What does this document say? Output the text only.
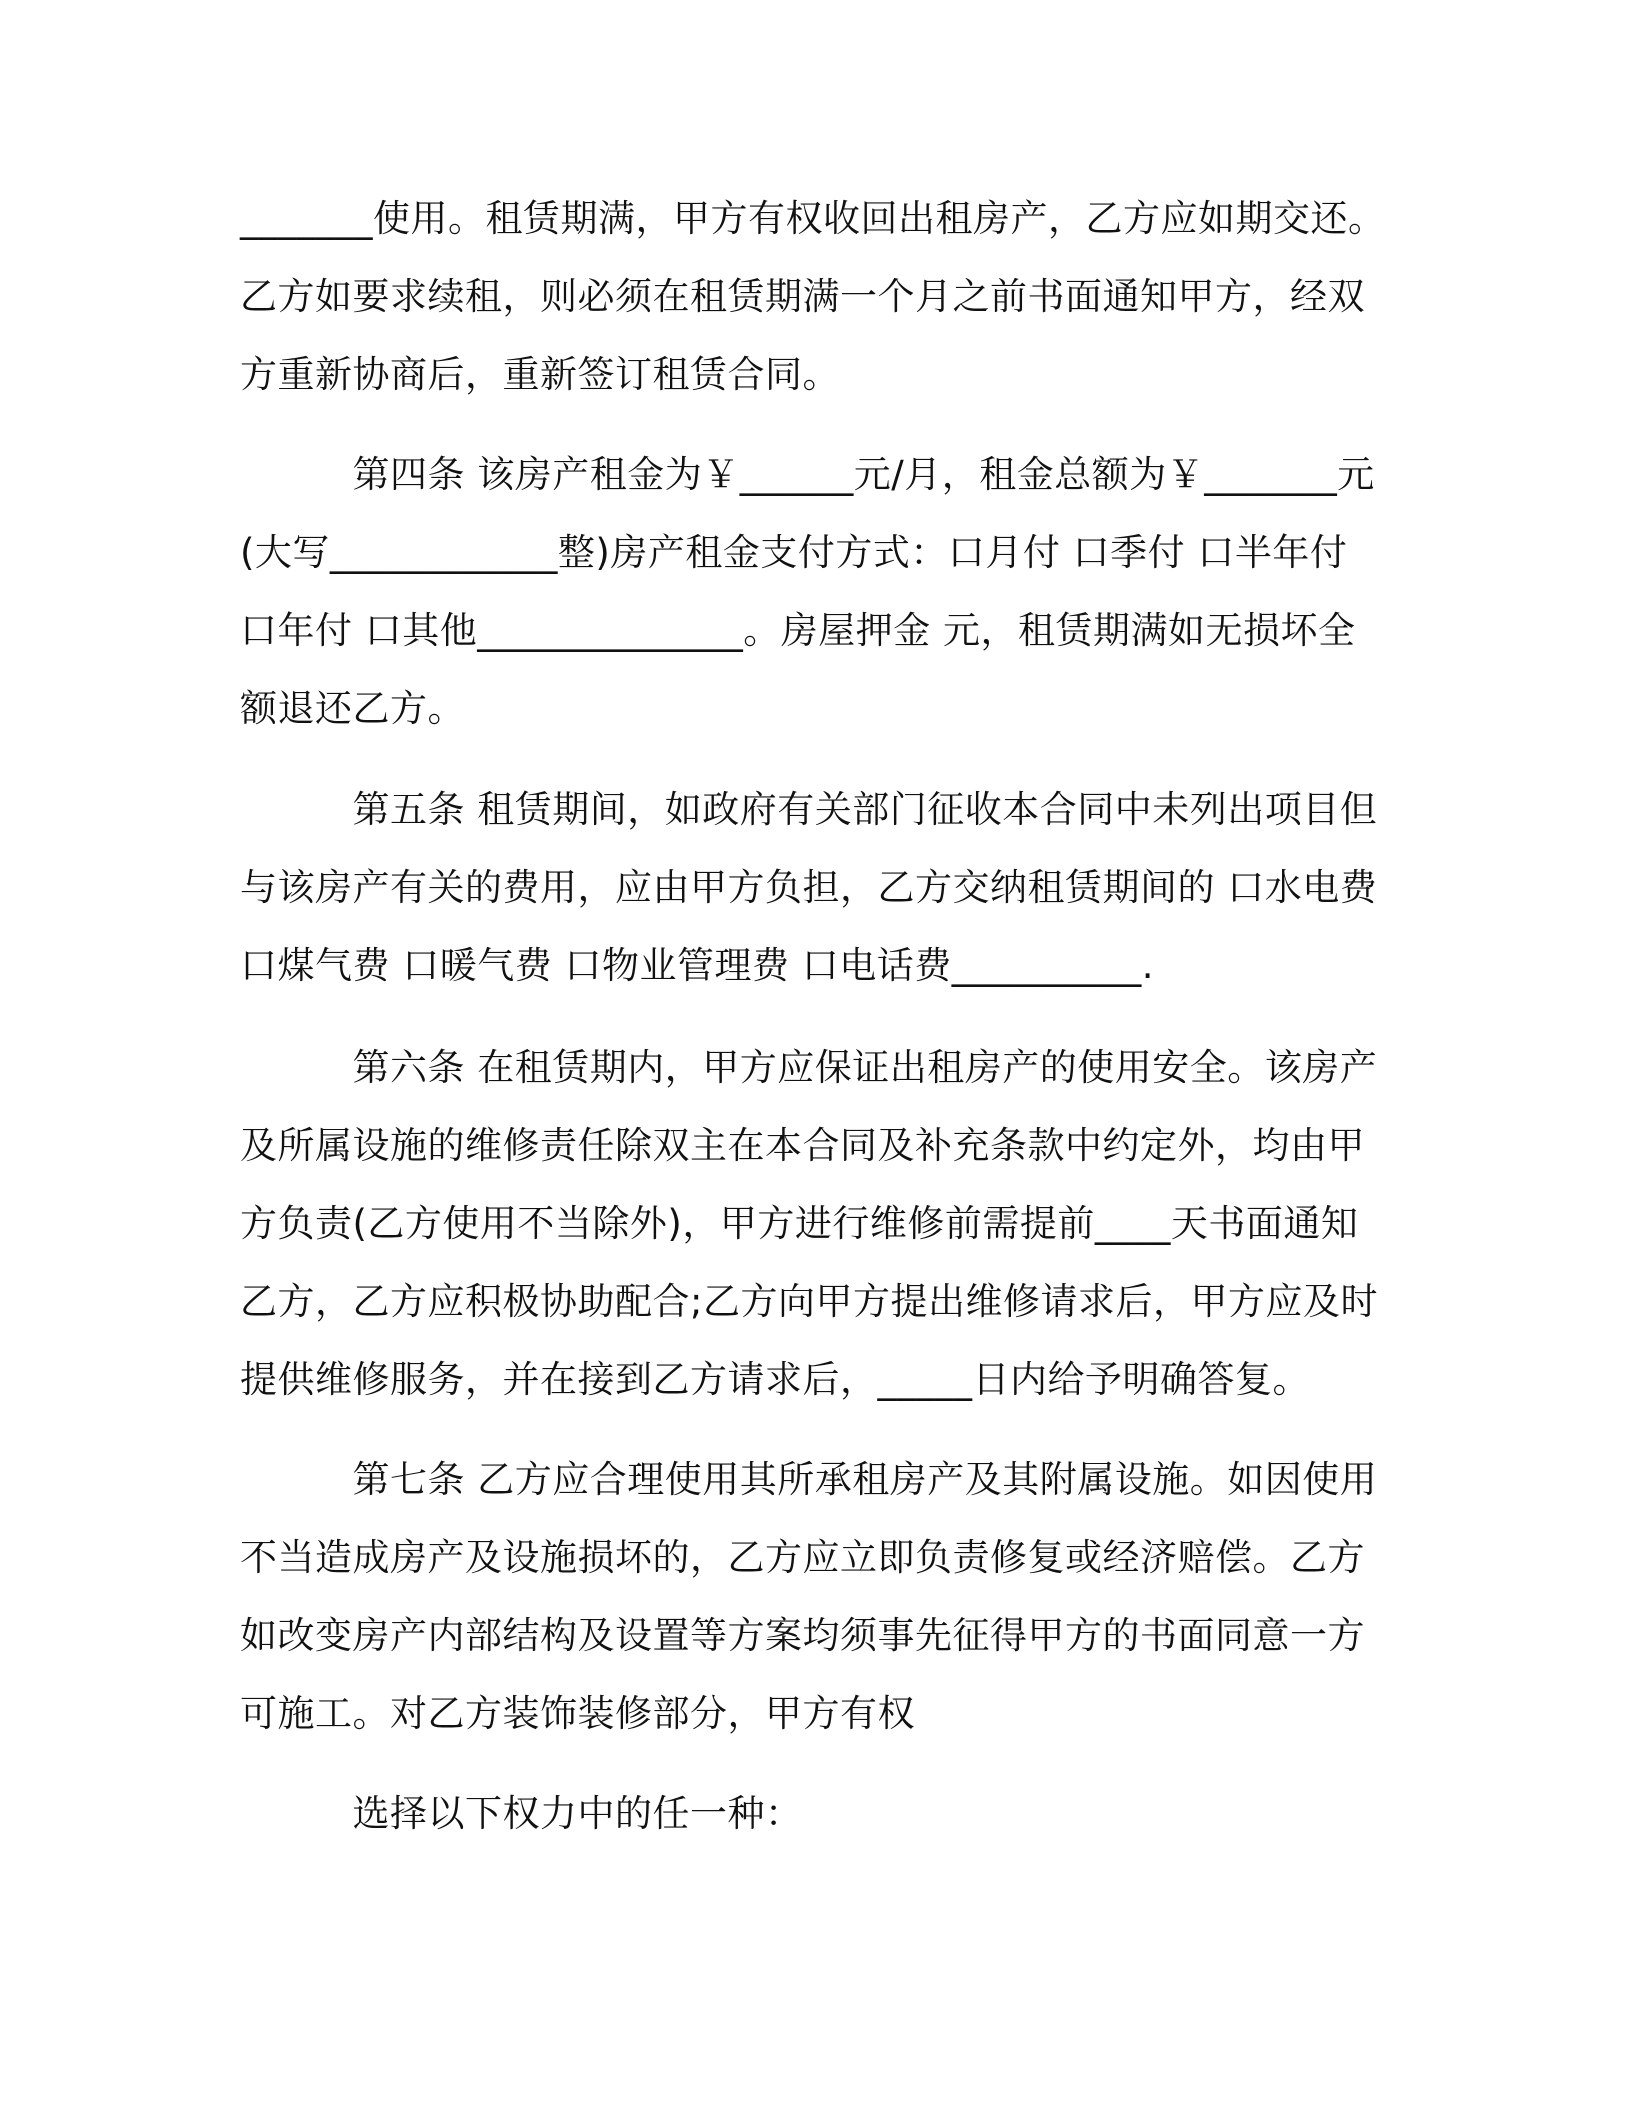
_______使用。租赁期满，甲方有权收回出租房产，乙方应如期交还。
乙方如要求续租，则必须在租赁期满一个月之前书面通知甲方，经双
方重新协商后，重新签订租赁合同。
　　　第四条 该房产租金为￥______元/月，租金总额为￥_______元
(大写____________整)房产租金支付方式：口月付 口季付 口半年付
口年付 口其他______________。房屋押金 元，租赁期满如无损坏全
额退还乙方。
　　　第五条 租赁期间，如政府有关部门征收本合同中未列出项目但
与该房产有关的费用，应由甲方负担，乙方交纳租赁期间的 口水电费
口煤气费 口暖气费 口物业管理费 口电话费__________.
　　　第六条 在租赁期内，甲方应保证出租房产的使用安全。该房产
及所属设施的维修责任除双主在本合同及补充条款中约定外，均由甲
方负责(乙方使用不当除外)，甲方进行维修前需提前____天书面通知
乙方，乙方应积极协助配合;乙方向甲方提出维修请求后，甲方应及时
提供维修服务，并在接到乙方请求后，_____日内给予明确答复。
　　　第七条 乙方应合理使用其所承租房产及其附属设施。如因使用
不当造成房产及设施损坏的，乙方应立即负责修复或经济赔偿。乙方
如改变房产内部结构及设置等方案均须事先征得甲方的书面同意一方
可施工。对乙方装饰装修部分，甲方有权
　　　选择以下权力中的任一种：
